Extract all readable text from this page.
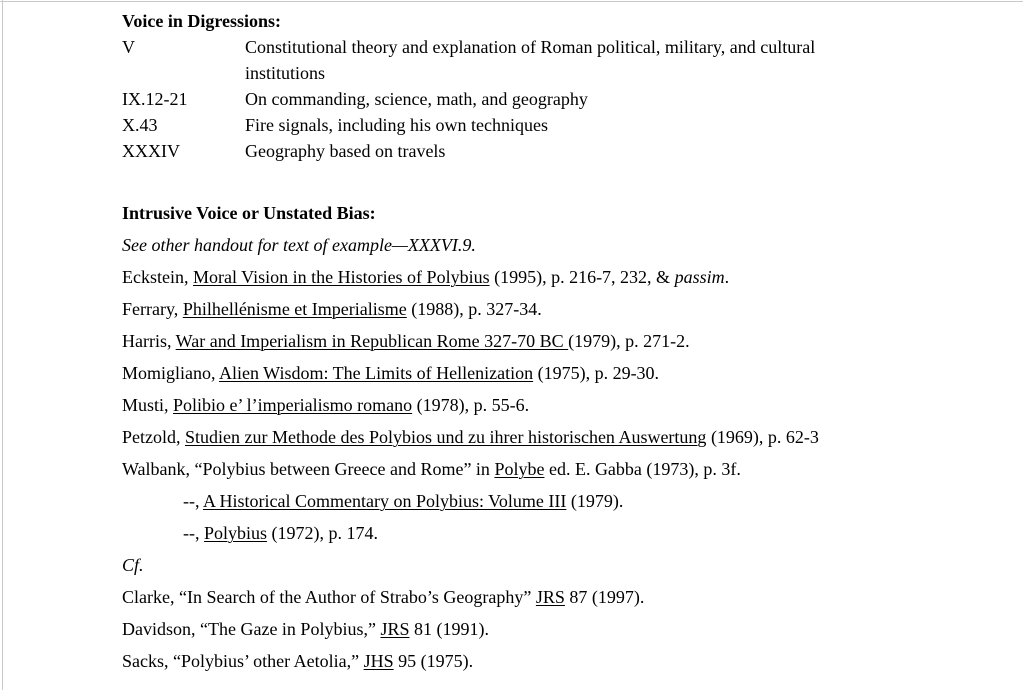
Voice in Digressions:
V	Constitutional theory and explanation of Roman political, military, and cultural institutions
IX.12-21	On commanding, science, math, and geography
X.43	Fire signals, including his own techniques
XXXIV	Geography based on travels
Intrusive Voice or Unstated Bias:

See other handout for text of example—XXXVI.9.

Eckstein, Moral Vision in the Histories of Polybius (1995), p. 216-7, 232, & passim.

Ferrary, Philhellénisme et Imperialisme (1988), p. 327-34.

Harris, War and Imperialism in Republican Rome 327-70 BC (1979), p. 271-2.

Momigliano, Alien Wisdom: The Limits of Hellenization (1975), p. 29-30.

Musti, Polibio e’ l’imperialismo romano (1978), p. 55-6.

Petzold, Studien zur Methode des Polybios und zu ihrer historischen Auswertung (1969), p. 62-3

Walbank, “Polybius between Greece and Rome” in Polybe ed. E. Gabba (1973), p. 3f.

--, A Historical Commentary on Polybius: Volume III (1979).

--, Polybius (1972), p. 174.

Cf.

Clarke, “In Search of the Author of Strabo’s Geography” JRS 87 (1997).

Davidson, “The Gaze in Polybius,” JRS 81 (1991).

Sacks, “Polybius’ other Aetolia,” JHS 95 (1975).
